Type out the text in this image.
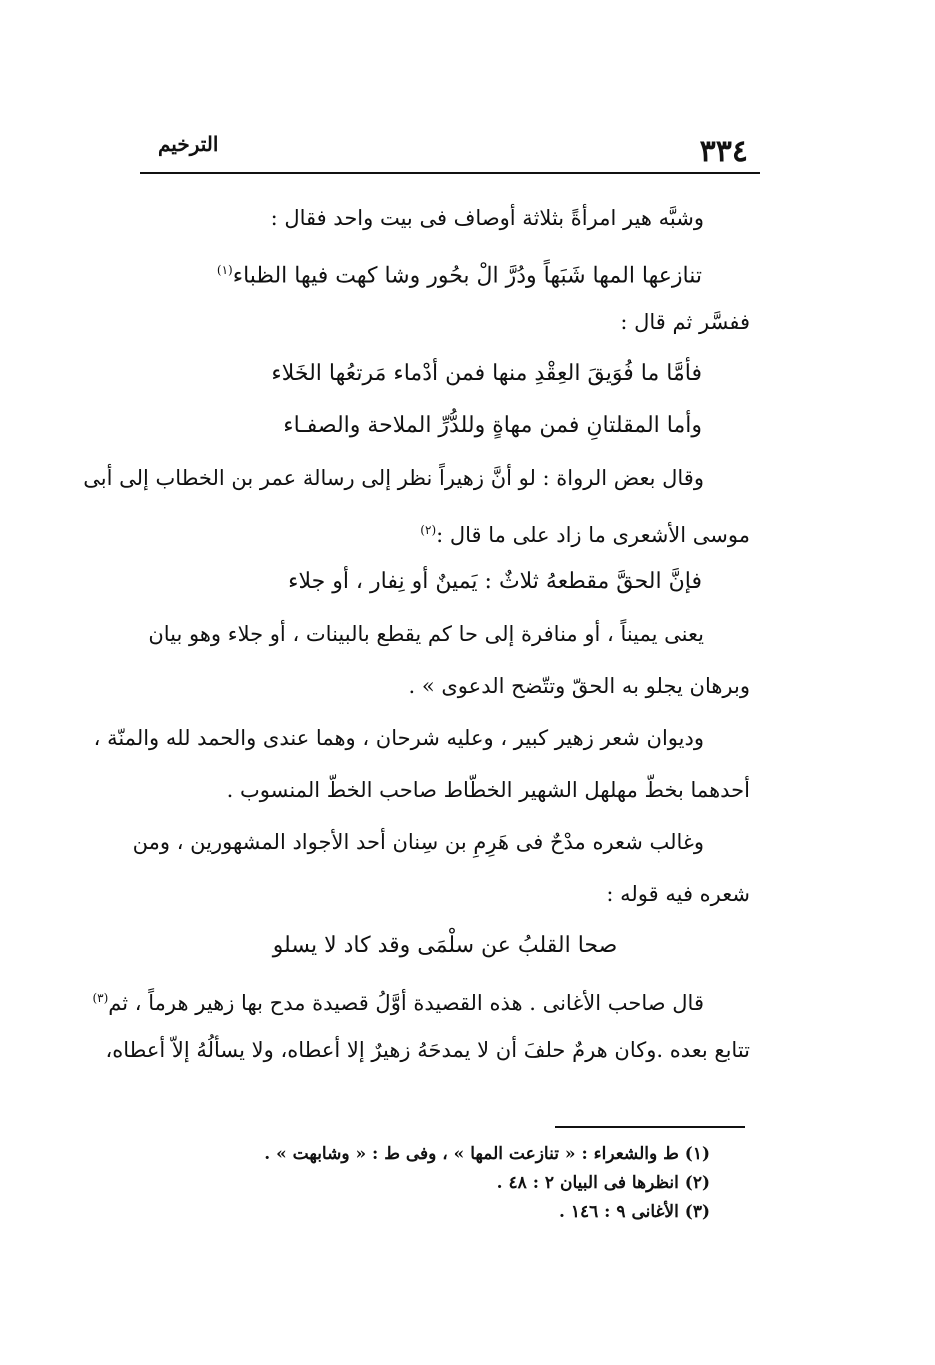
٣٣٤
الترخيم
وشبَّه هير امرأةً بثلاثة أوصاف فى بيت واحد فقال :
تنازعها المها شَبَهاً ودُرَّ الْ بحُور وشا كهت فيها الظباء$^{(١)}$
ففسَّر ثم قال :
فأمَّا ما فُوَيقَ العِقْدِ منها فمن أدْماء مَرتعُها الخَلاء
وأما المقلتانِ فمن مهاةٍ وللدُّرِّ الملاحة والصفـاء
وقال بعض الرواة : لو أنَّ زهيراً نظر إلى رسالة عمر بن الخطاب إلى أبى
موسى الأشعرى ما زاد على ما قال :$^{(٢)}$
فإنَّ الحقَّ مقطعهُ ثلاثٌ : يَمينٌ أو نِفار ، أو جلاء
يعنى يميناً ، أو منافرة إلى حا كم يقطع بالبينات ، أو جلاء وهو بيان
وبرهان يجلو به الحقّ وتتّضح الدعوى » .
وديوان شعر زهير كبير ، وعليه شرحان ، وهما عندى والحمد لله والمنّة ،
أحدهما بخطّ مهلهل الشهير الخطّاط صاحب الخطّ المنسوب .
وغالب شعره مدْحٌ فى هَرِمِ بن سِنان أحد الأجواد المشهورين ، ومن
شعره فيه قوله :
صحا القلبُ عن سلْمَى وقد كاد لا يسلو
قال صاحب الأغانى . هذه القصيدة أوَّلُ قصيدة مدح بها زهير هرماً ، ثم$^{(٣)}$
تتابع بعده .وكان هرمٌ حلفَ أن لا يمدحَهُ زهيرٌ إلا أعطاه، ولا يسألُهُ إلاّ أعطاه،
(١) ط والشعراء : « تنازعت المها » ، وفى ط : « وشابهت » .
(٢) انظرها فى البيان ٢ : ٤٨ .
(٣) الأغانى ٩ : ١٤٦ .
